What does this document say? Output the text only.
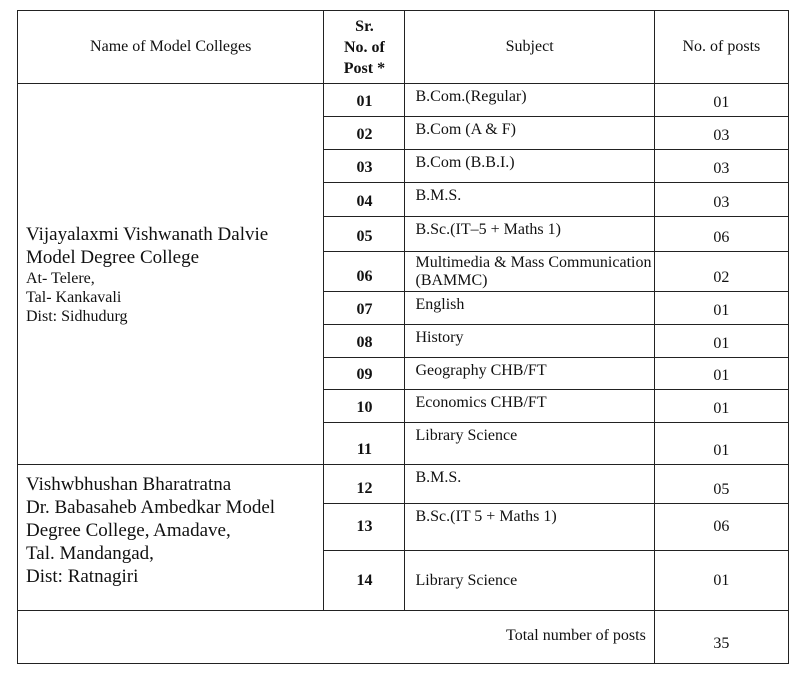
Name of Model Colleges	Sr.
No. of
Post *	Subject	No. of posts

Vijayalaxmi Vishwanath Dalvie
Model Degree College
At- Telere,
Tal- Kankavali
Dist: Sidhudurg	01	B.Com.(Regular)	01
	02	B.Com (A & F)	03
	03	B.Com (B.B.I.)	03
	04	B.M.S.	03
	05	B.Sc.(IT–5 + Maths 1)	06
	06	Multimedia & Mass Communication (BAMMC)	02
	07	English	01
	08	History	01
	09	Geography CHB/FT	01
	10	Economics CHB/FT	01
	11	Library Science	01

Vishwbhushan Bharatratna
Dr. Babasaheb Ambedkar Model
Degree College, Amadave,
Tal. Mandangad,
Dist: Ratnagiri	12	B.M.S.	05
	13	B.Sc.(IT 5 + Maths 1)	06
	14	Library Science	01
Total number of posts			35
